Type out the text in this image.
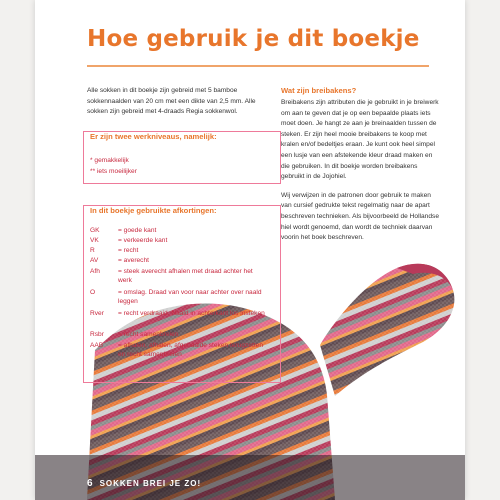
Hoe gebruik je dit boekje

Alle sokken in dit boekje zijn gebreid met 5 bamboe sokkennaalden van 20 cm met een dikte van 2,5 mm. Alle sokken zijn gebreid met 4-draads Regia sokkenwol.

Er zijn twee werkniveaus, namelijk:

* gemakkelijk
** iets moeilijker

In dit boekje gebruikte afkortingen:

GK	= goede kant
VK	= verkeerde kant
R	= recht
AV	= averecht
Afh	= steek averecht afhalen met draad achter het werk
O	= omslag. Draad van voor naar achter over naald leggen
Rver = recht verdraaid. Naald in achterkant lus insteken
Rsbr = recht samenbreien
AAB = afhalen, afhalen, afgehaalde steken terugzetten en recht samenbreien
Wat zijn breibakens?

Breibakens zijn attributen die je gebruikt in je breiwerk om aan te geven dat je op een bepaalde plaats iets moet doen. Je hangt ze aan je breinaalden tussen de steken. Er zijn heel mooie breibakens te koop met kralen en/of bedeltjes eraan. Je kunt ook heel simpel een lusje van een afstekende kleur draad maken en die gebruiken. In dit boekje worden breibakens gebruikt in de Jojohiel.

Wij verwijzen in de patronen door gebruik te maken van cursief gedrukte tekst regelmatig naar de apart beschreven technieken. Als bijvoorbeeld de Hollandse hiel wordt genoemd, dan wordt de techniek daarvan voorin het boek beschreven.

6 SOKKEN BREI JE ZO!
